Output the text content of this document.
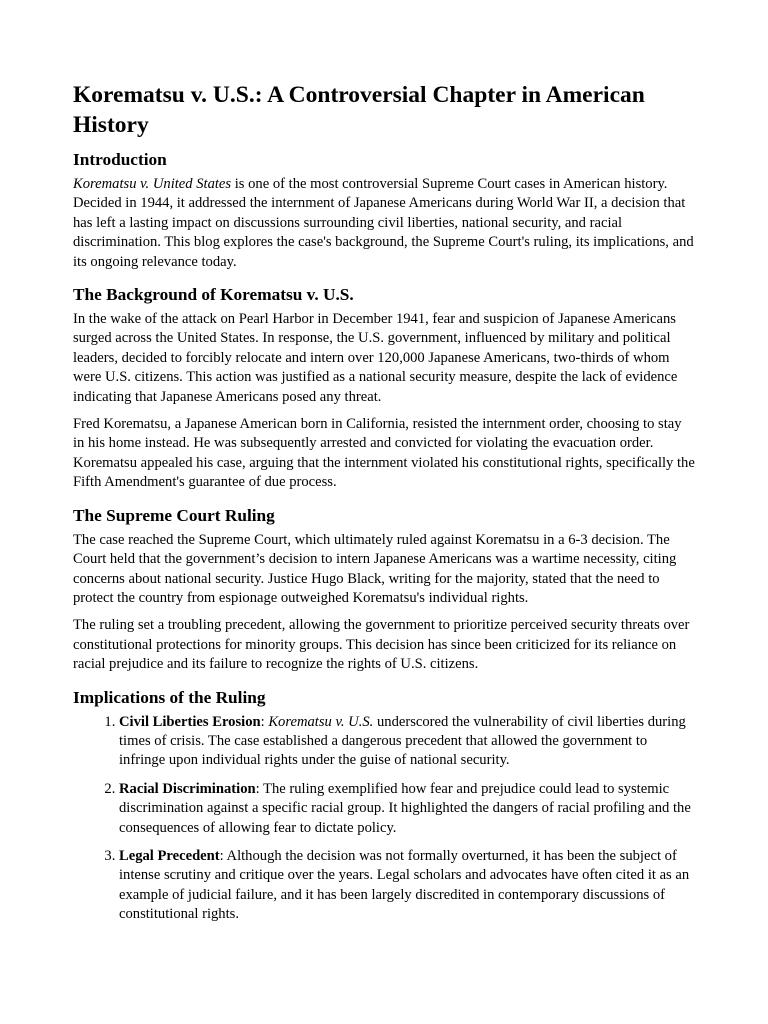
Korematsu v. U.S.: A Controversial Chapter in American History
Introduction

Korematsu v. United States is one of the most controversial Supreme Court cases in American history. Decided in 1944, it addressed the internment of Japanese Americans during World War II, a decision that has left a lasting impact on discussions surrounding civil liberties, national security, and racial discrimination. This blog explores the case's background, the Supreme Court's ruling, its implications, and its ongoing relevance today.

The Background of Korematsu v. U.S.

In the wake of the attack on Pearl Harbor in December 1941, fear and suspicion of Japanese Americans surged across the United States. In response, the U.S. government, influenced by military and political leaders, decided to forcibly relocate and intern over 120,000 Japanese Americans, two-thirds of whom were U.S. citizens. This action was justified as a national security measure, despite the lack of evidence indicating that Japanese Americans posed any threat.

Fred Korematsu, a Japanese American born in California, resisted the internment order, choosing to stay in his home instead. He was subsequently arrested and convicted for violating the evacuation order. Korematsu appealed his case, arguing that the internment violated his constitutional rights, specifically the Fifth Amendment's guarantee of due process.

The Supreme Court Ruling

The case reached the Supreme Court, which ultimately ruled against Korematsu in a 6-3 decision. The Court held that the government’s decision to intern Japanese Americans was a wartime necessity, citing concerns about national security. Justice Hugo Black, writing for the majority, stated that the need to protect the country from espionage outweighed Korematsu's individual rights.

The ruling set a troubling precedent, allowing the government to prioritize perceived security threats over constitutional protections for minority groups. This decision has since been criticized for its reliance on racial prejudice and its failure to recognize the rights of U.S. citizens.

Implications of the Ruling
1. Civil Liberties Erosion: Korematsu v. U.S. underscored the vulnerability of civil liberties during times of crisis. The case established a dangerous precedent that allowed the government to infringe upon individual rights under the guise of national security.
2. Racial Discrimination: The ruling exemplified how fear and prejudice could lead to systemic discrimination against a specific racial group. It highlighted the dangers of racial profiling and the consequences of allowing fear to dictate policy.
3. Legal Precedent: Although the decision was not formally overturned, it has been the subject of intense scrutiny and critique over the years. Legal scholars and advocates have often cited it as an example of judicial failure, and it has been largely discredited in contemporary discussions of constitutional rights.
